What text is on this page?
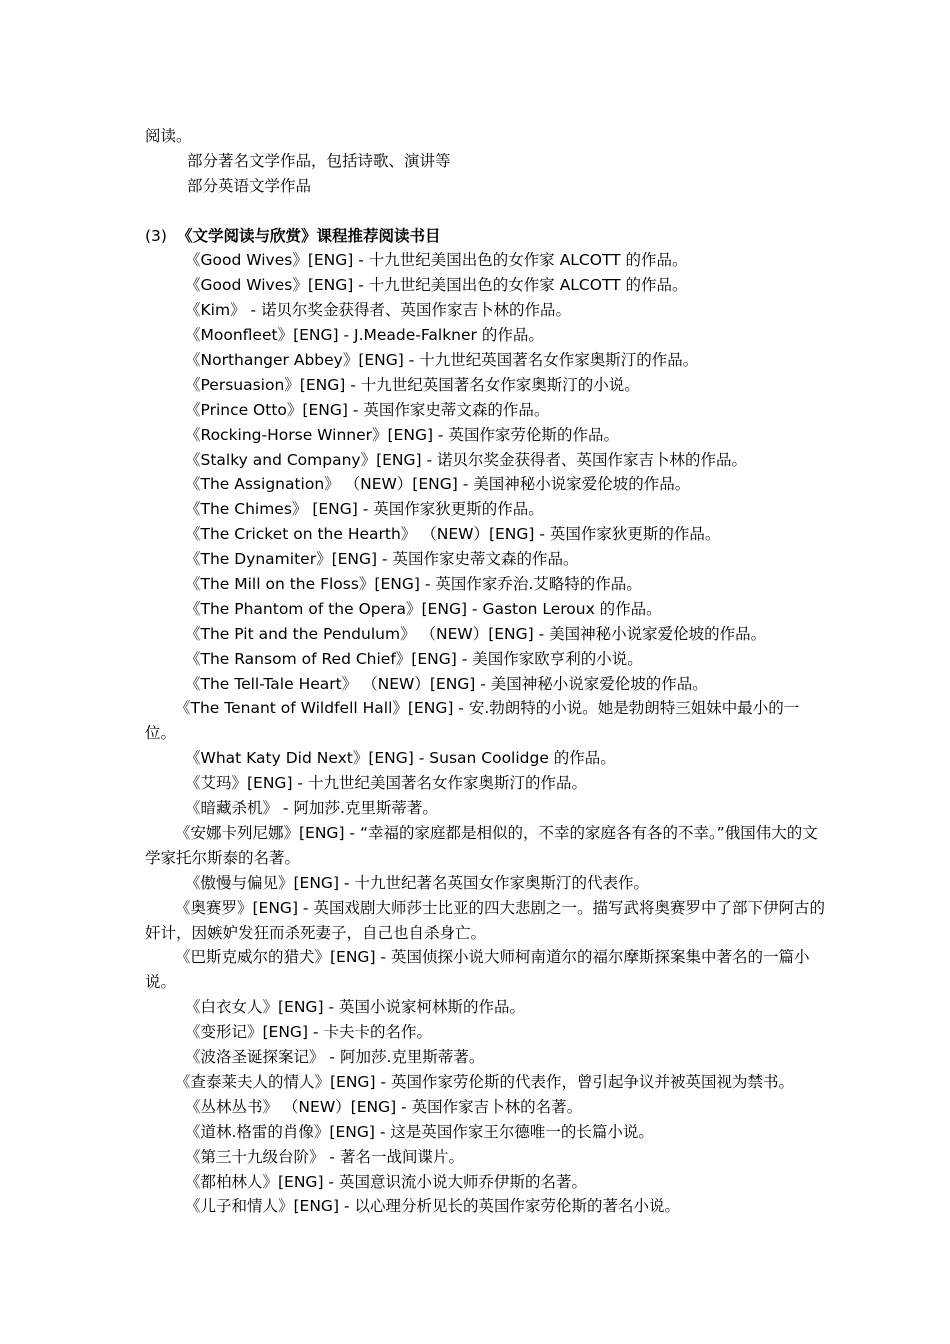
阅读。
部分著名文学作品，包括诗歌、演讲等
部分英语文学作品
(3) 《文学阅读与欣赏》课程推荐阅读书目
《Good Wives》[ENG] - 十九世纪美国出色的女作家 ALCOTT 的作品。
《Good Wives》[ENG] - 十九世纪美国出色的女作家 ALCOTT 的作品。
《Kim》 - 诺贝尔奖金获得者、英国作家吉卜林的作品。
《Moonfleet》[ENG] - J.Meade-Falkner 的作品。
《Northanger Abbey》[ENG] - 十九世纪英国著名女作家奥斯汀的作品。
《Persuasion》[ENG] - 十九世纪英国著名女作家奥斯汀的小说。
《Prince Otto》[ENG] - 英国作家史蒂文森的作品。
《Rocking-Horse Winner》[ENG] - 英国作家劳伦斯的作品。
《Stalky and Company》[ENG] - 诺贝尔奖金获得者、英国作家吉卜林的作品。
《The Assignation》 （NEW）[ENG] - 美国神秘小说家爱伦坡的作品。
《The Chimes》 [ENG] - 英国作家狄更斯的作品。
《The Cricket on the Hearth》 （NEW）[ENG] - 英国作家狄更斯的作品。
《The Dynamiter》[ENG] - 英国作家史蒂文森的作品。
《The Mill on the Floss》[ENG] - 英国作家乔治.艾略特的作品。
《The Phantom of the Opera》[ENG] - Gaston Leroux 的作品。
《The Pit and the Pendulum》 （NEW）[ENG] - 美国神秘小说家爱伦坡的作品。
《The Ransom of Red Chief》[ENG] - 美国作家欧亨利的小说。
《The Tell-Tale Heart》 （NEW）[ENG] - 美国神秘小说家爱伦坡的作品。
《The Tenant of Wildfell Hall》[ENG] - 安.勃朗特的小说。她是勃朗特三姐妹中最小的一位。
《What Katy Did Next》[ENG] - Susan Coolidge 的作品。
《艾玛》[ENG] - 十九世纪美国著名女作家奥斯汀的作品。
《暗藏杀机》 - 阿加莎.克里斯蒂著。
《安娜卡列尼娜》[ENG] - “幸福的家庭都是相似的，不幸的家庭各有各的不幸。”俄国伟大的文学家托尔斯泰的名著。
《傲慢与偏见》[ENG] - 十九世纪著名英国女作家奥斯汀的代表作。
《奥赛罗》[ENG] - 英国戏剧大师莎士比亚的四大悲剧之一。描写武将奥赛罗中了部下伊阿古的奸计，因嫉妒发狂而杀死妻子，自己也自杀身亡。
《巴斯克威尔的猎犬》[ENG] - 英国侦探小说大师柯南道尔的福尔摩斯探案集中著名的一篇小说。
《白衣女人》[ENG] - 英国小说家柯林斯的作品。
《变形记》[ENG] - 卡夫卡的名作。
《波洛圣诞探案记》 - 阿加莎.克里斯蒂著。
《查泰莱夫人的情人》[ENG] - 英国作家劳伦斯的代表作，曾引起争议并被英国视为禁书。
《丛林丛书》 （NEW）[ENG] - 英国作家吉卜林的名著。
《道林.格雷的肖像》[ENG] - 这是英国作家王尔德唯一的长篇小说。
《第三十九级台阶》 - 著名一战间谍片。
《都柏林人》[ENG] - 英国意识流小说大师乔伊斯的名著。
《儿子和情人》[ENG] - 以心理分析见长的英国作家劳伦斯的著名小说。
